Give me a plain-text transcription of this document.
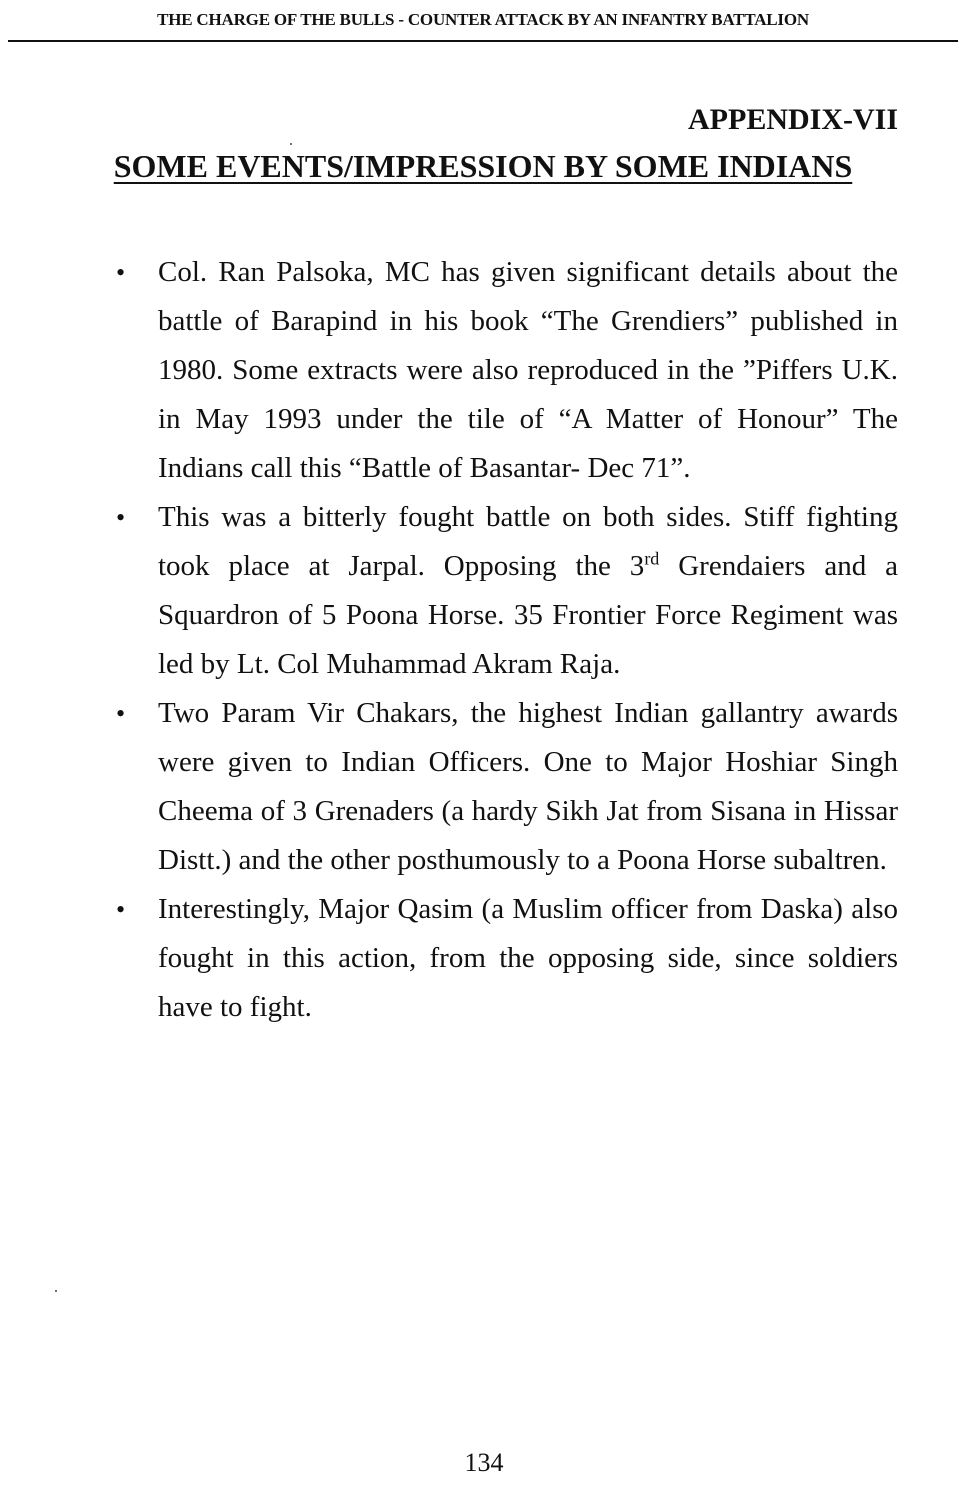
THE CHARGE OF THE BULLS - COUNTER ATTACK BY AN INFANTRY BATTALION
APPENDIX-VII
SOME EVENTS/IMPRESSION BY SOME INDIANS
• Col. Ran Palsoka, MC has given significant details about the battle of Barapind in his book “The Grendiers” published in 1980. Some extracts were also reproduced in the ”Piffers U.K. in May 1993 under the tile of “A Matter of Honour” The Indians call this “Battle of Basantar- Dec 71”.
• This was a bitterly fought battle on both sides. Stiff fighting took place at Jarpal. Opposing the 3rd Grendaiers and a Squardron of 5 Poona Horse. 35 Frontier Force Regiment was led by Lt. Col Muhammad Akram Raja.
• Two Param Vir Chakars, the highest Indian gallantry awards were given to Indian Officers. One to Major Hoshiar Singh Cheema of 3 Grenaders (a hardy Sikh Jat from Sisana in Hissar Distt.) and the other posthumously to a Poona Horse subaltren.
• Interestingly, Major Qasim (a Muslim officer from Daska) also fought in this action, from the opposing side, since soldiers have to fight.
134
